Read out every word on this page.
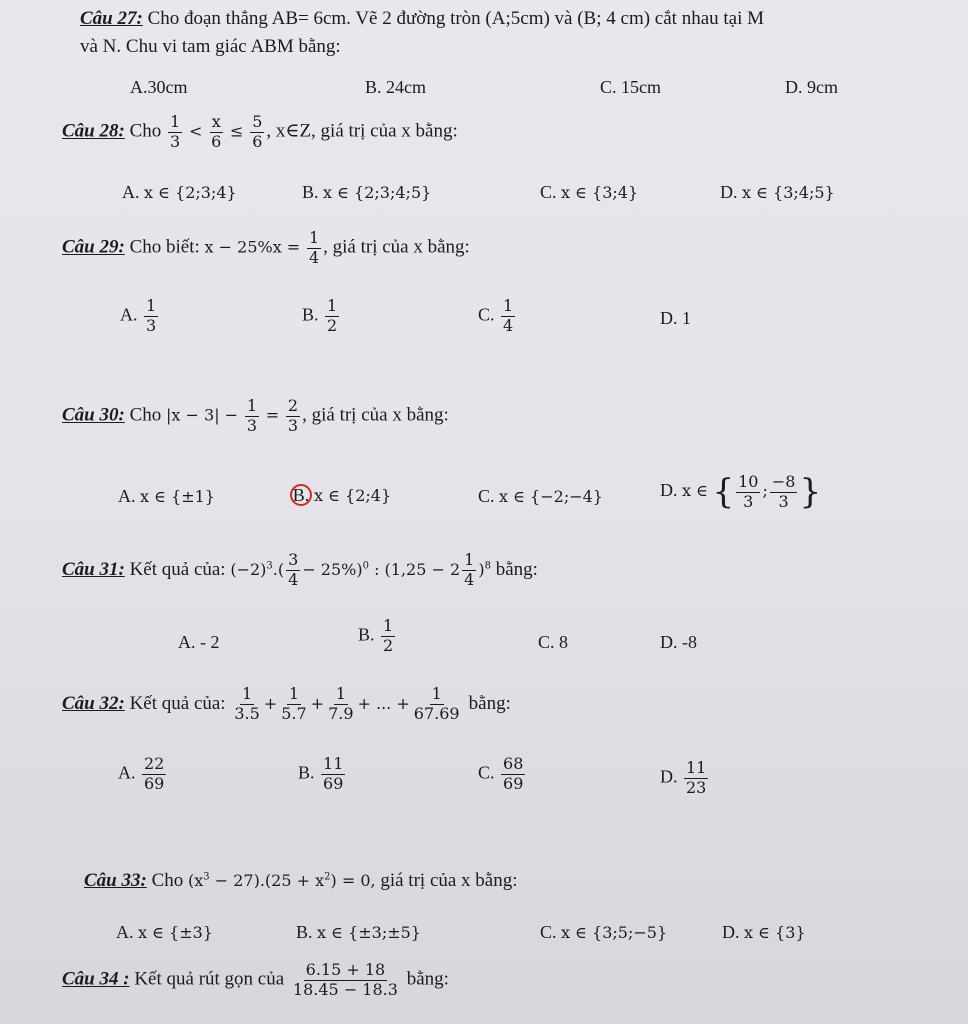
Câu 27: Cho đoạn thẳng AB= 6cm. Vẽ 2 đường tròn (A;5cm) và (B; 4 cm) cắt nhau tại M
và N. Chu vi tam giác ABM bằng:
A.30cm	B. 24cm	C. 15cm	D. 9cm
Câu 28: Cho $\frac{1}{3} < \frac{x}{6} \le \frac{5}{6}$ , x∈Z, giá trị của x bằng:
A. x ∈ {2;3;4}	B. x ∈ {2;3;4;5}	C. x ∈ {3;4}	D. x ∈ {3;4;5}
Câu 29: Cho biết: $x - 25\%x = \frac{1}{4}$ , giá trị của x bằng:
A. $\frac{1}{3}$	B. $\frac{1}{2}$	C. $\frac{1}{4}$	D. 1
Câu 30: Cho $|x - 3| - \frac{1}{3} = \frac{2}{3}$ , giá trị của x bằng:
A. x ∈ {±1}	B. x ∈ {2;4}	C. x ∈ {−2;−4}	D. x ∈ { $\frac{10}{3}$ ; $\frac{-8}{3}$ }
Câu 31: Kết quả của: $(-2)^3.( \frac{3}{4} - 25\%)^0$ : $(1,25 - 2 \frac{1}{4} )^8$ bằng:
A. - 2	B. $\frac{1}{2}$	C. 8	D. -8
Câu 32: Kết quả của: $\frac{1}{3.5} + \frac{1}{5.7} + \frac{1}{7.9}$ + ... + $\frac{1}{67.69}$ bằng:
A. $\frac{22}{69}$	B. $\frac{11}{69}$	C. $\frac{68}{69}$	D. $\frac{11}{23}$
Câu 33: Cho $(x^3 - 27).(25 + x^2) = 0$, giá trị của x bằng:
A. x ∈ {±3}	B. x ∈ {±3;±5}	C. x ∈ {3;5;−5}	D. x ∈ {3}
Câu 34 : Kết quả rút gọn của $\frac{6.15 + 18}{18.45 - 18.3}$ bằng:
